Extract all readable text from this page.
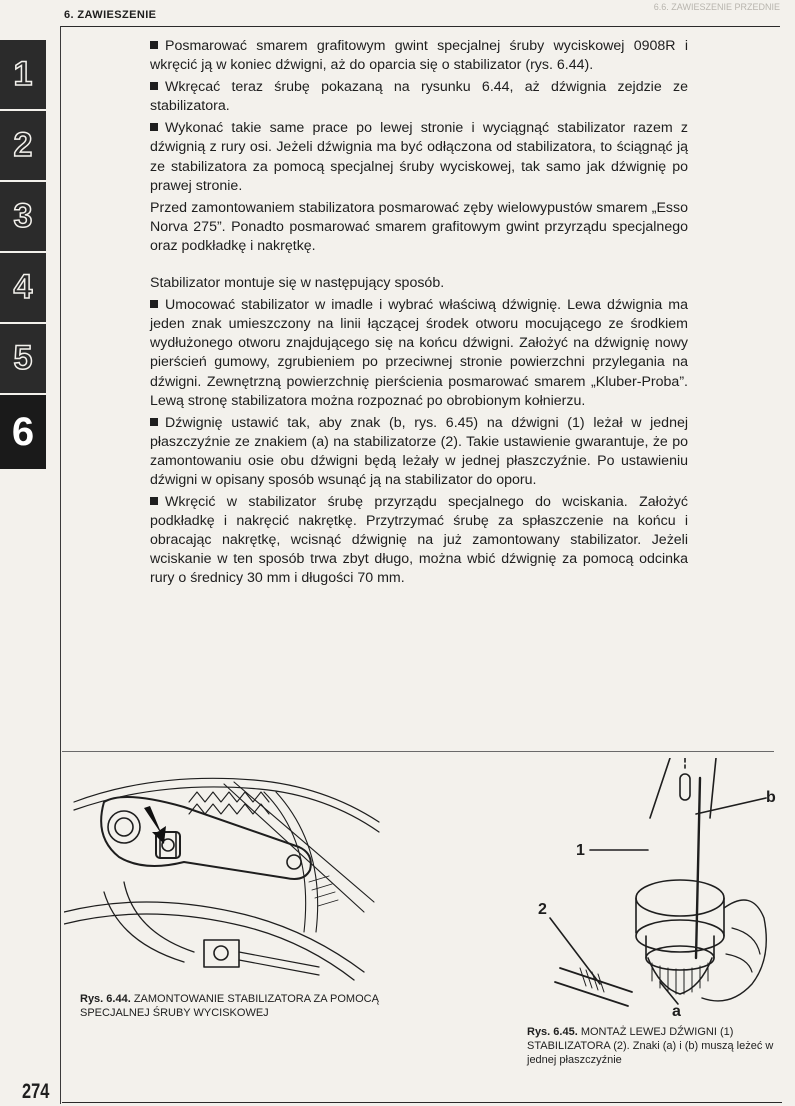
6. ZAWIESZENIE
6.6. ZAWIESZENIE PRZEDNIE
1
2
3
4
5
6

Posmarować smarem grafitowym gwint specjalnej śruby wyciskowej 0908R i wkręcić ją w koniec dźwigni, aż do oparcia się o stabilizator (rys. 6.44).

Wkręcać teraz śrubę pokazaną na rysunku 6.44, aż dźwignia zejdzie ze stabilizatora.

Wykonać takie same prace po lewej stronie i wyciągnąć stabilizator razem z dźwignią z rury osi. Jeżeli dźwignia ma być odłączona od stabilizatora, to ściągnąć ją ze stabilizatora za pomocą specjalnej śruby wyciskowej, tak samo jak dźwignię po prawej stronie.

Przed zamontowaniem stabilizatora posmarować zęby wielowypustów smarem „Esso Norva 275”. Ponadto posmarować smarem grafitowym gwint przyrządu specjalnego oraz podkładkę i nakrętkę.

Stabilizator montuje się w następujący sposób.

Umocować stabilizator w imadle i wybrać właściwą dźwignię. Lewa dźwignia ma jeden znak umieszczony na linii łączącej środek otworu mocującego ze środkiem wydłużonego otworu znajdującego się na końcu dźwigni. Założyć na dźwignię nowy pierścień gumowy, zgrubieniem po przeciwnej stronie powierzchni przylegania na dźwigni. Zewnętrzną powierzchnię pierścienia posmarować smarem „Kluber-Proba”. Lewą stronę stabilizatora można rozpoznać po obrobionym kołnierzu.

Dźwignię ustawić tak, aby znak (b, rys. 6.45) na dźwigni (1) leżał w jednej płaszczyźnie ze znakiem (a) na stabilizatorze (2). Takie ustawienie gwarantuje, że po zamontowaniu osie obu dźwigni będą leżały w jednej płaszczyźnie. Po ustawieniu dźwigni w opisany sposób wsunąć ją na stabilizator do oporu.

Wkręcić w stabilizator śrubę przyrządu specjalnego do wciskania. Założyć podkładkę i nakręcić nakrętkę. Przytrzymać śrubę za spłaszczenie na końcu i obracając nakrętkę, wcisnąć dźwignię na już zamontowany stabilizator. Jeżeli wciskanie w ten sposób trwa zbyt długo, można wbić dźwignię za pomocą odcinka rury o średnicy 30 mm i długości 70 mm.

Rys. 6.44. ZAMONTOWANIE STABILIZATORA ZA POMOCĄ SPECJALNEJ ŚRUBY WYCISKOWEJ
1
2
a
b
Rys. 6.45. MONTAŻ LEWEJ DŹWIGNI (1) STABILIZATORA (2). Znaki (a) i (b) muszą leżeć w jednej płaszczyźnie
274
